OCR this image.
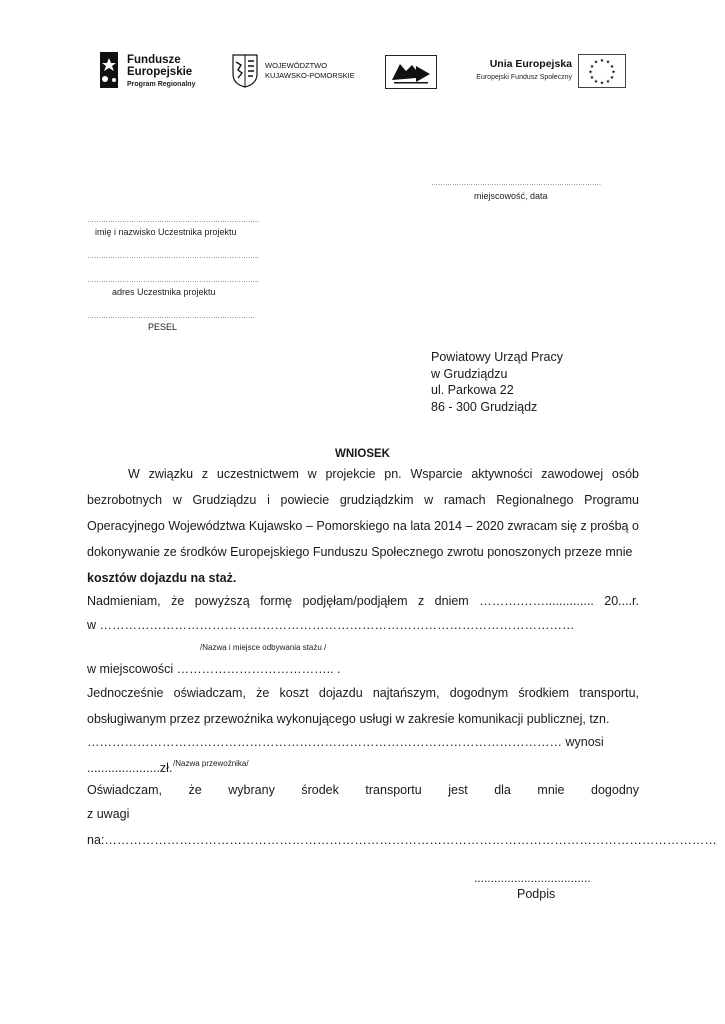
Fundusze
Europejskie
Program Regionalny
WOJEWÓDZTWO
KUJAWSKO-POMORSKIE
Unia Europejska
Europejski Fundusz Społeczny
★ ★
★
★
★
★
★
★
★
★
★
★
……………………………………………………………….
miejscowość, data
………………………………………………………………..
imię i nazwisko Uczestnika projektu
………………………………………………………………..
………………………………………………………………..
adres Uczestnika projektu
………………………………………………………………
PESEL
Powiatowy Urząd Pracy
w Grudziądzu
ul. Parkowa 22
86 - 300 Grudziądz
WNIOSEK
W związku z uczestnictwem w projekcie pn. Wsparcie aktywności zawodowej osób bezrobotnych w Grudziądzu i powiecie grudziądzkim w ramach Regionalnego Programu Operacyjnego Województwa Kujawsko – Pomorskiego na lata 2014 – 2020 zwracam się z prośbą o dokonywanie ze środków Europejskiego Funduszu Społecznego zwrotu ponoszonych przeze mnie
kosztów dojazdu na staż.
Nadmieniam, że powyższą formę podjęłam/podjąłem z dniem ……….…….............. 20....r.
w ……………………………………………………………………………………………………
/Nazwa i miejsce odbywania stażu /
w miejscowości ……………………………….. .
Jednocześnie oświadczam, że koszt dojazdu najtańszym, dogodnym środkiem transportu, obsługiwanym przez przewoźnika wykonującego usługi w zakresie komunikacji publicznej, tzn.
…………………………………………………………………………………………………… wynosi .....................zł. /Nazwa przewoźnika/
Oświadczam, że wybrany środek transportu jest dla mnie dogodny
z uwagi na:…………………………………………………………………………………………………………………………………
...................................
Podpis
